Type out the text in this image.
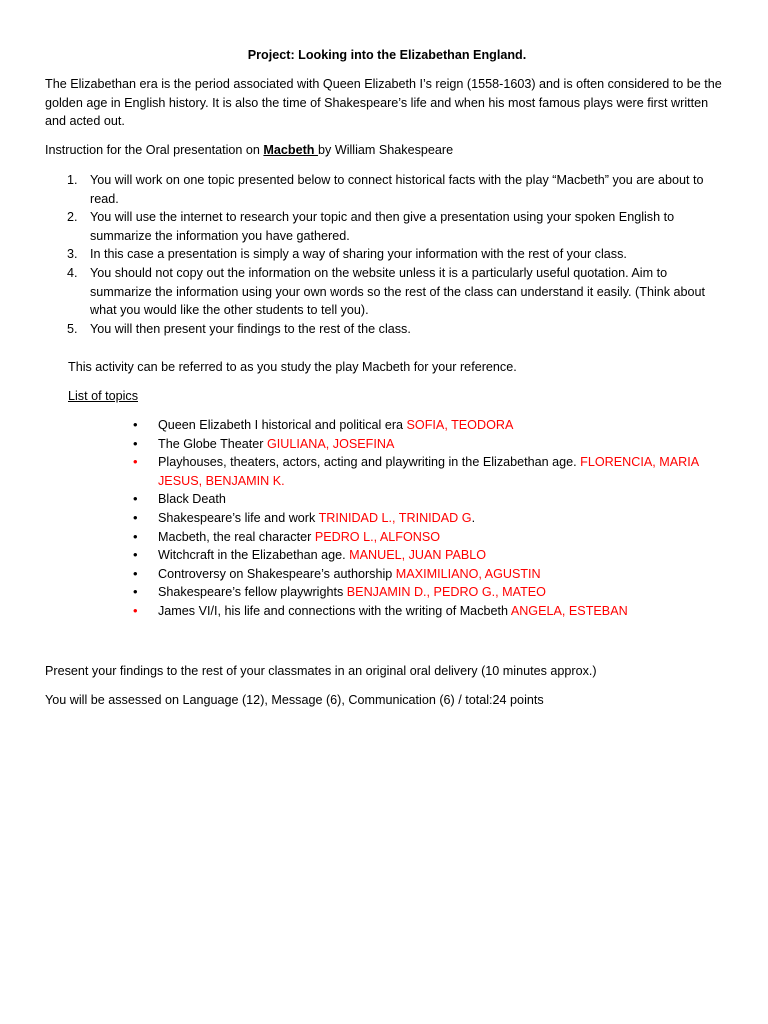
Project: Looking into the Elizabethan England.

The Elizabethan era is the period associated with Queen Elizabeth I’s reign (1558-1603) and is often considered to be the golden age in English history. It is also the time of Shakespeare’s life and when his most famous plays were first written and acted out.

Instruction for the Oral presentation on Macbeth by William Shakespeare

1. You will work on one topic presented below to connect historical facts with the play “Macbeth” you are about to read.
2. You will use the internet to research your topic and then give a presentation using your spoken English to summarize the information you have gathered.
3. In this case a presentation is simply a way of sharing your information with the rest of your class.
4. You should not copy out the information on the website unless it is a particularly useful quotation. Aim to summarize the information using your own words so the rest of the class can understand it easily. (Think about what you would like the other students to tell you).
5. You will then present your findings to the rest of the class.

This activity can be referred to as you study the play Macbeth for your reference.

List of topics

• Queen Elizabeth I historical and political era SOFIA, TEODORA
• The Globe Theater GIULIANA, JOSEFINA
• Playhouses, theaters, actors, acting and playwriting in the Elizabethan age. FLORENCIA, MARIA JESUS, BENJAMIN K.
• Black Death
• Shakespeare’s life and work TRINIDAD L., TRINIDAD G.
• Macbeth, the real character PEDRO L., ALFONSO
• Witchcraft in the Elizabethan age. MANUEL, JUAN PABLO
• Controversy on Shakespeare’s authorship MAXIMILIANO, AGUSTIN
• Shakespeare’s fellow playwrights BENJAMIN D., PEDRO G., MATEO
• James VI/I, his life and connections with the writing of Macbeth ANGELA, ESTEBAN

Present your findings to the rest of your classmates in an original oral delivery (10 minutes approx.)

You will be assessed on Language (12), Message (6), Communication (6) / total:24 points
